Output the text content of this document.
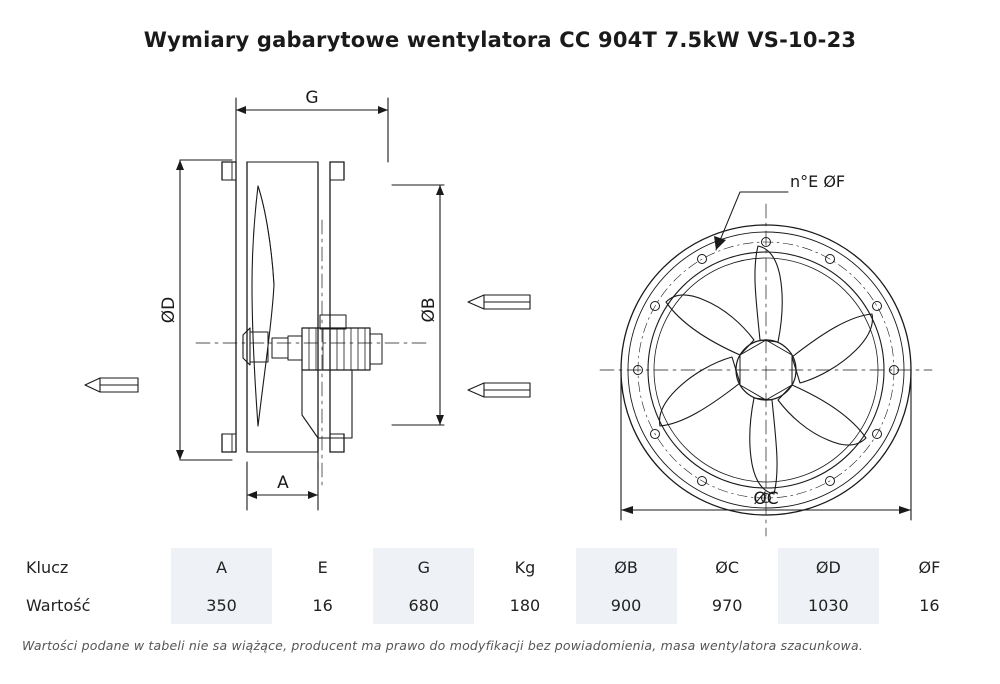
Wymiary gabarytowe wentylatora CC 904T 7.5kW VS-10-23
G
A
ØD	ØB
n°E ØF
ØC
Klucz	A	E	G	Kg	ØB	ØC	ØD	ØF
Wartość	350	16	680	180	900	970	1030	16
Wartości podane w tabeli nie sa wiążące, producent ma prawo do modyfikacji bez powiadomienia, masa wentylatora szacunkowa.
